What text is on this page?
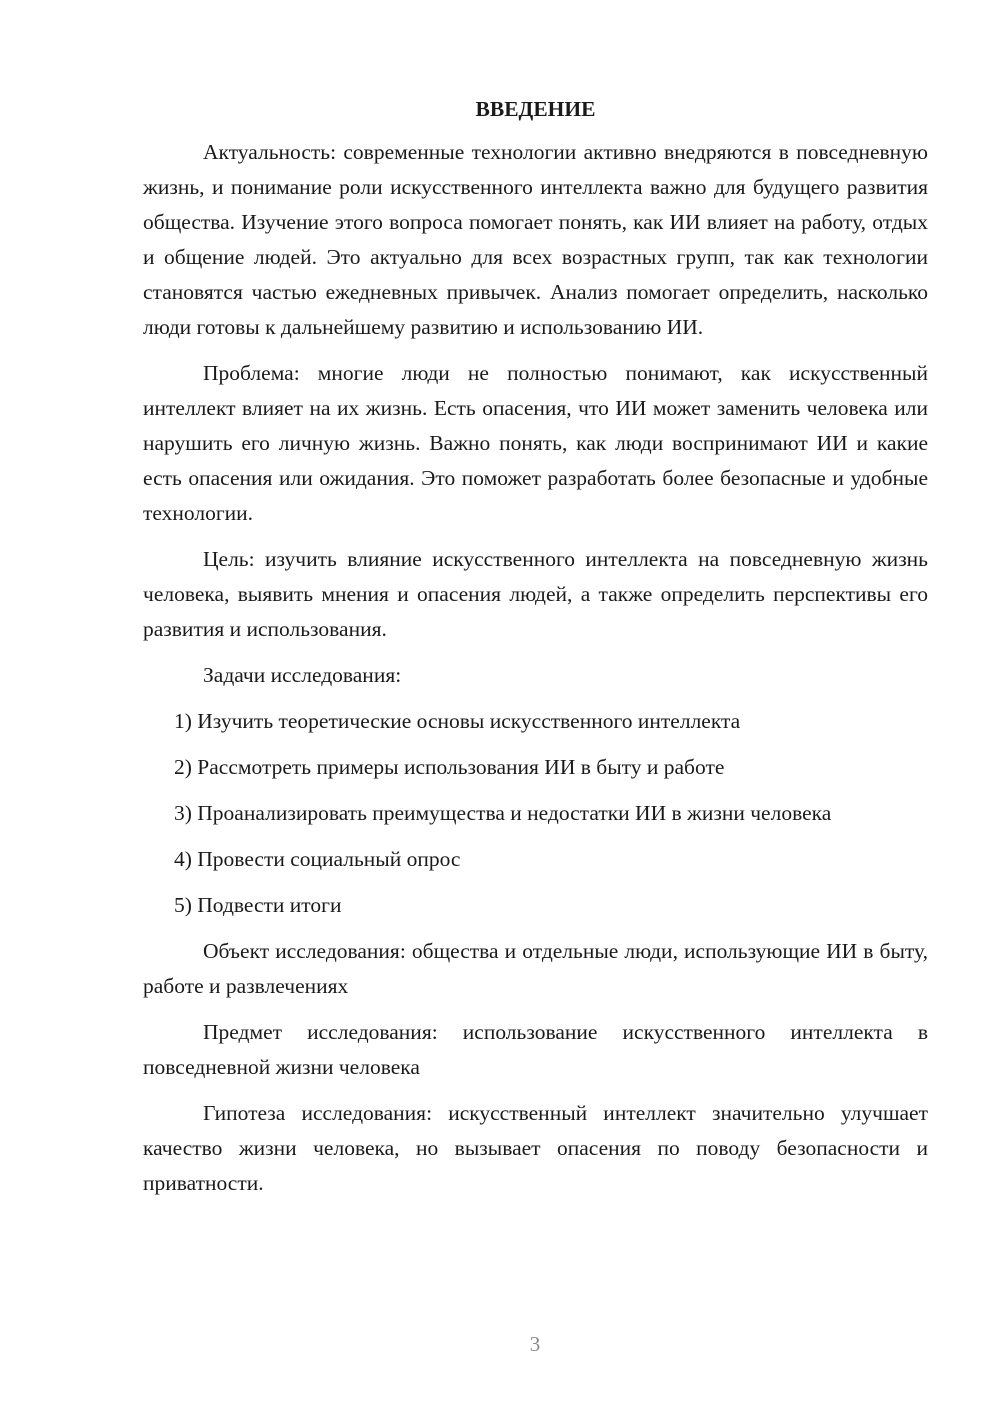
ВВЕДЕНИЕ

Актуальность: современные технологии активно внедряются в повседневную жизнь, и понимание роли искусственного интеллекта важно для будущего развития общества. Изучение этого вопроса помогает понять, как ИИ влияет на работу, отдых и общение людей. Это актуально для всех возрастных групп, так как технологии становятся частью ежедневных привычек. Анализ помогает определить, насколько люди готовы к дальнейшему развитию и использованию ИИ.

Проблема: многие люди не полностью понимают, как искусственный интеллект влияет на их жизнь. Есть опасения, что ИИ может заменить человека или нарушить его личную жизнь. Важно понять, как люди воспринимают ИИ и какие есть опасения или ожидания. Это поможет разработать более безопасные и удобные технологии.

Цель: изучить влияние искусственного интеллекта на повседневную жизнь человека, выявить мнения и опасения людей, а также определить перспективы его развития и использования.

Задачи исследования:

1) Изучить теоретические основы искусственного интеллекта

2) Рассмотреть примеры использования ИИ в быту и работе

3) Проанализировать преимущества и недостатки ИИ в жизни человека

4) Провести социальный опрос

5) Подвести итоги

Объект исследования: общества и отдельные люди, использующие ИИ в быту, работе и развлечениях

Предмет исследования: использование искусственного интеллекта в повседневной жизни человека

Гипотеза исследования: искусственный интеллект значительно улучшает качество жизни человека, но вызывает опасения по поводу безопасности и приватности.

3
